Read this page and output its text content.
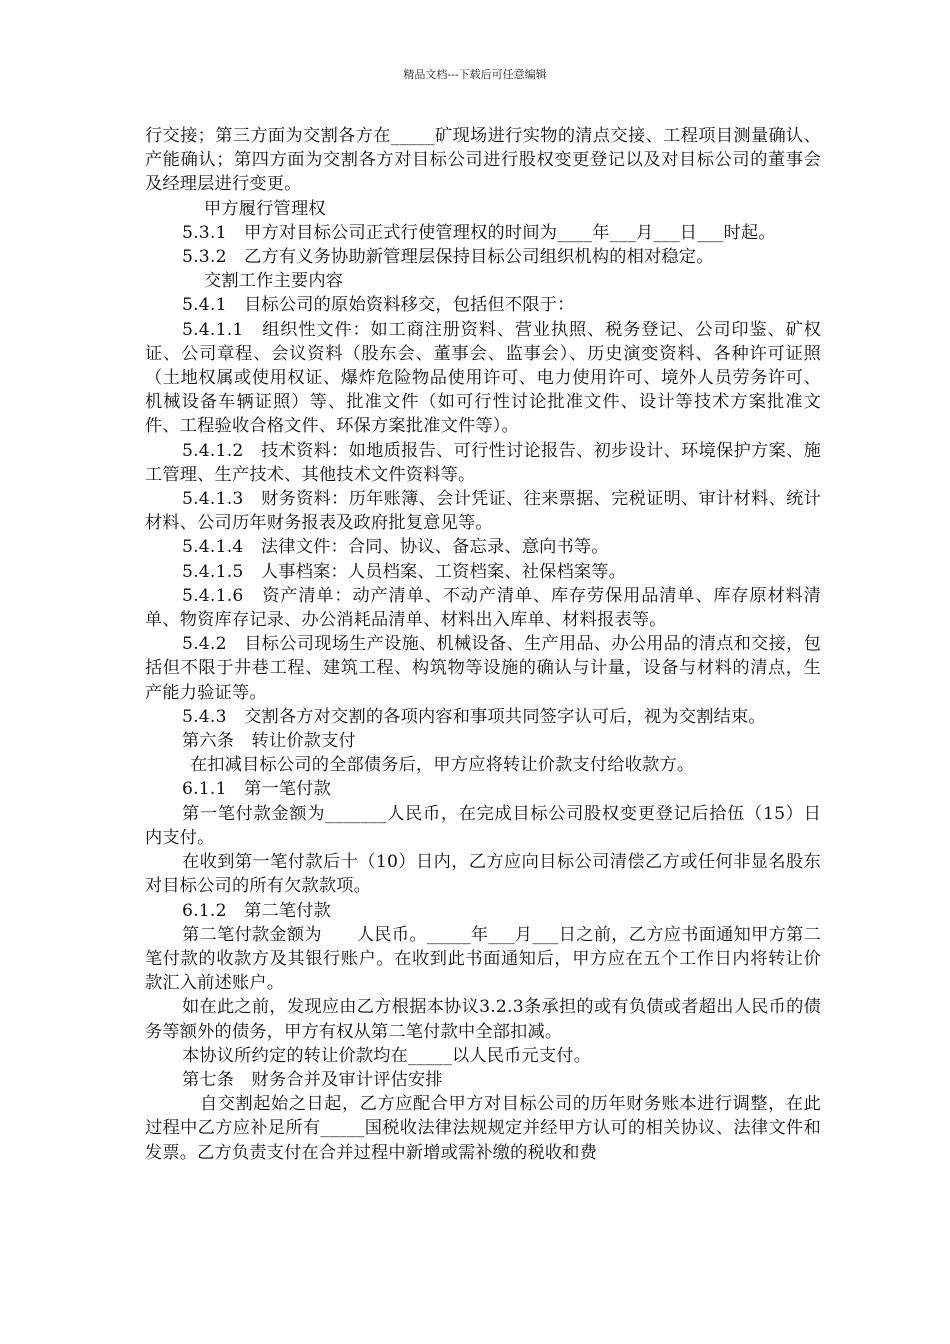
精品文档---下载后可任意编辑

行交接；第三方面为交割各方在_____矿现场进行实物的清点交接、工程项目测量确认、产能确认；第四方面为交割各方对目标公司进行股权变更登记以及对目标公司的董事会及经理层进行变更。

甲方履行管理权

5.3.1　甲方对目标公司正式行使管理权的时间为____年___月___日___时起。

5.3.2　乙方有义务协助新管理层保持目标公司组织机构的相对稳定。

交割工作主要内容

5.4.1　目标公司的原始资料移交，包括但不限于：

5.4.1.1　组织性文件：如工商注册资料、营业执照、税务登记、公司印鉴、矿权证、公司章程、会议资料（股东会、董事会、监事会）、历史演变资料、各种许可证照（土地权属或使用权证、爆炸危险物品使用许可、电力使用许可、境外人员劳务许可、机械设备车辆证照）等、批准文件（如可行性讨论批准文件、设计等技术方案批准文件、工程验收合格文件、环保方案批准文件等）。

5.4.1.2　技术资料：如地质报告、可行性讨论报告、初步设计、环境保护方案、施工管理、生产技术、其他技术文件资料等。

5.4.1.3　财务资料：历年账簿、会计凭证、往来票据、完税证明、审计材料、统计材料、公司历年财务报表及政府批复意见等。

5.4.1.4　法律文件：合同、协议、备忘录、意向书等。

5.4.1.5　人事档案：人员档案、工资档案、社保档案等。

5.4.1.6　资产清单：动产清单、不动产清单、库存劳保用品清单、库存原材料清单、物资库存记录、办公消耗品清单、材料出入库单、材料报表等。

5.4.2　目标公司现场生产设施、机械设备、生产用品、办公用品的清点和交接，包括但不限于井巷工程、建筑工程、构筑物等设施的确认与计量，设备与材料的清点，生产能力验证等。

5.4.3　交割各方对交割的各项内容和事项共同签字认可后，视为交割结束。

第六条　转让价款支付

在扣减目标公司的全部债务后，甲方应将转让价款支付给收款方。

6.1.1　第一笔付款

第一笔付款金额为_______人民币，在完成目标公司股权变更登记后拾伍（15）日内支付。

在收到第一笔付款后十（10）日内，乙方应向目标公司清偿乙方或任何非显名股东对目标公司的所有欠款款项。

6.1.2　第二笔付款

第二笔付款金额为　　人民币。_____年___月___日之前，乙方应书面通知甲方第二笔付款的收款方及其银行账户。在收到此书面通知后，甲方应在五个工作日内将转让价款汇入前述账户。

如在此之前，发现应由乙方根据本协议3.2.3条承担的或有负债或者超出人民币的债务等额外的债务，甲方有权从第二笔付款中全部扣减。

本协议所约定的转让价款均在_____以人民币元支付。

第七条　财务合并及审计评估安排

自交割起始之日起，乙方应配合甲方对目标公司的历年财务账本进行调整，在此过程中乙方应补足所有_____国税收法律法规规定并经甲方认可的相关协议、法律文件和发票。乙方负责支付在合并过程中新增或需补缴的税收和费
